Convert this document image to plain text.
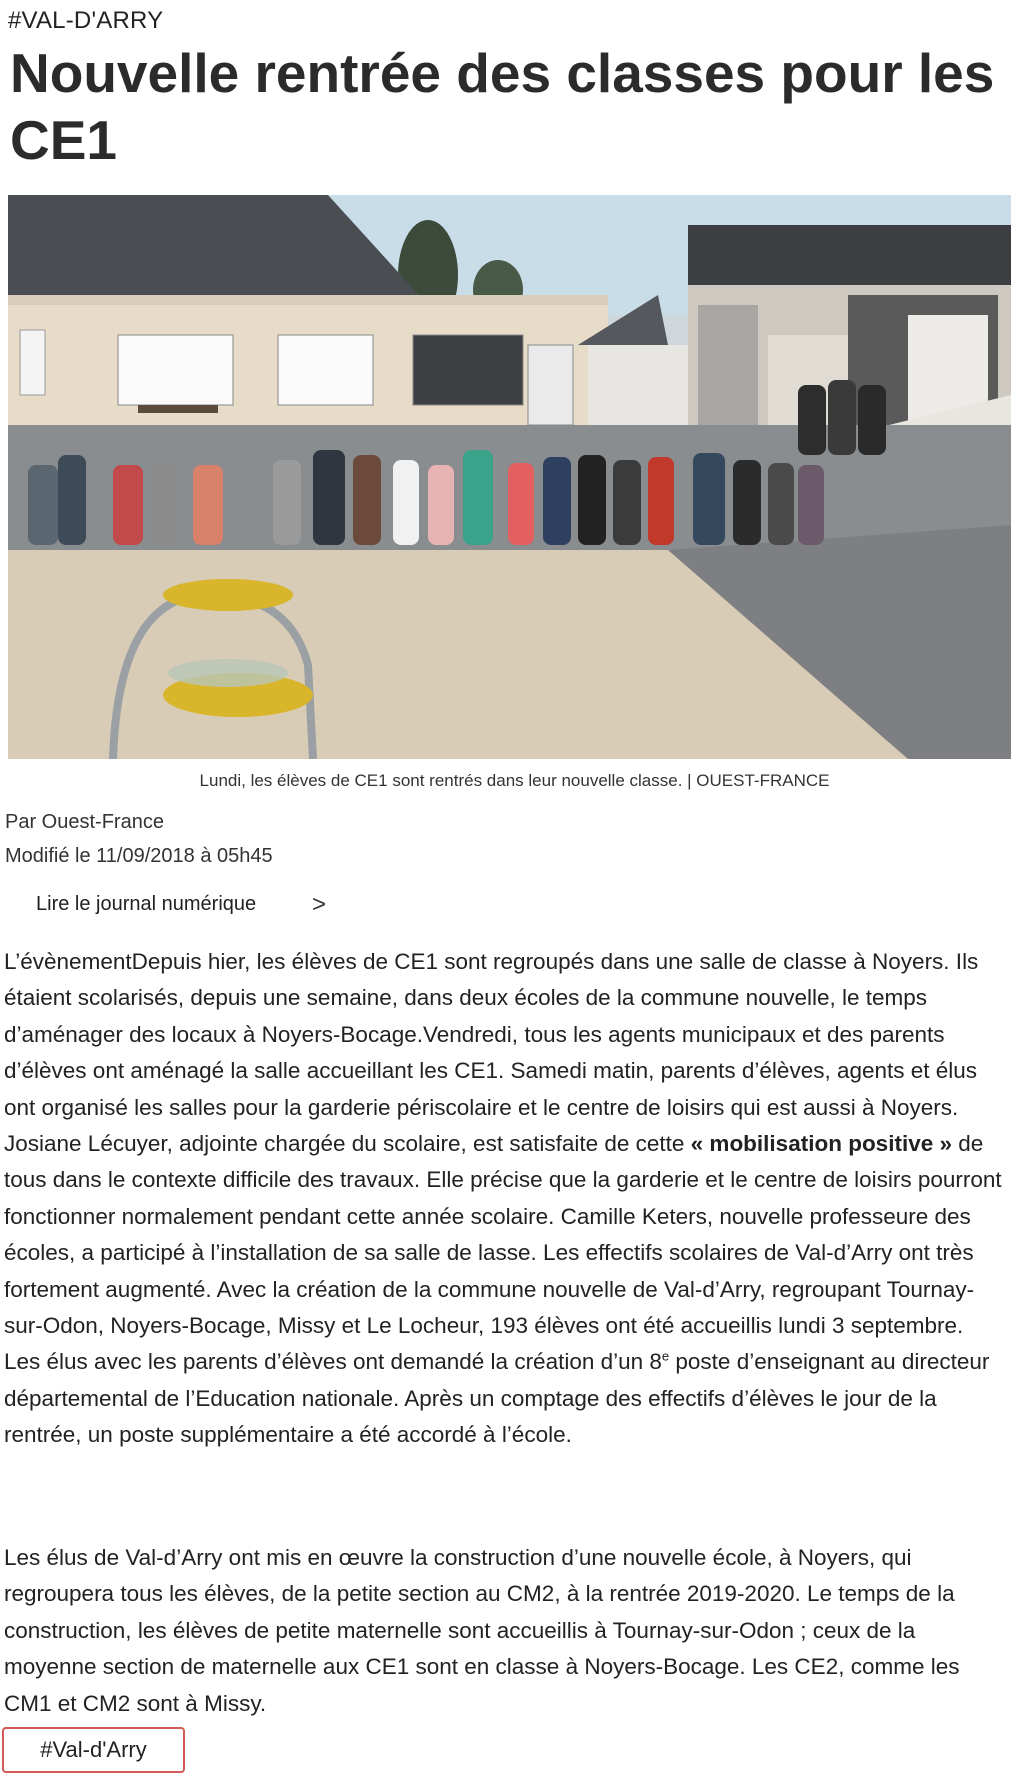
#VAL-D'ARRY
Nouvelle rentrée des classes pour les CE1
Lundi, les élèves de CE1 sont rentrés dans leur nouvelle classe. | OUEST-FRANCE
Par Ouest-France
Modifié le 11/09/2018 à 05h45
Lire le journal numérique >

L’évènementDepuis hier, les élèves de CE1 sont regroupés dans une salle de classe à Noyers. Ils étaient scolarisés, depuis une semaine, dans deux écoles de la commune nouvelle, le temps d’aménager des locaux à Noyers-Bocage.Vendredi, tous les agents municipaux et des parents d’élèves ont aménagé la salle accueillant les CE1. Samedi matin, parents d’élèves, agents et élus ont organisé les salles pour la garderie périscolaire et le centre de loisirs qui est aussi à Noyers. Josiane Lécuyer, adjointe chargée du scolaire, est satisfaite de cette « mobilisation positive » de tous dans le contexte difficile des travaux. Elle précise que la garderie et le centre de loisirs pourront fonctionner normalement pendant cette année scolaire. Camille Keters, nouvelle professeure des écoles, a participé à l’installation de sa salle de lasse. Les effectifs scolaires de Val-d’Arry ont très fortement augmenté. Avec la création de la commune nouvelle de Val-d’Arry, regroupant Tournay-sur-Odon, Noyers-Bocage, Missy et Le Locheur, 193 élèves ont été accueillis lundi 3 septembre. Les élus avec les parents d’élèves ont demandé la création d’un 8e poste d’enseignant au directeur départemental de l’Education nationale. Après un comptage des effectifs d’élèves le jour de la rentrée, un poste supplémentaire a été accordé à l’école.

Les élus de Val-d’Arry ont mis en œuvre la construction d’une nouvelle école, à Noyers, qui regroupera tous les élèves, de la petite section au CM2, à la rentrée 2019-2020. Le temps de la construction, les élèves de petite maternelle sont accueillis à Tournay-sur-Odon ; ceux de la moyenne section de maternelle aux CE1 sont en classe à Noyers-Bocage. Les CE2, comme les CM1 et CM2 sont à Missy.

#Val-d'Arry
